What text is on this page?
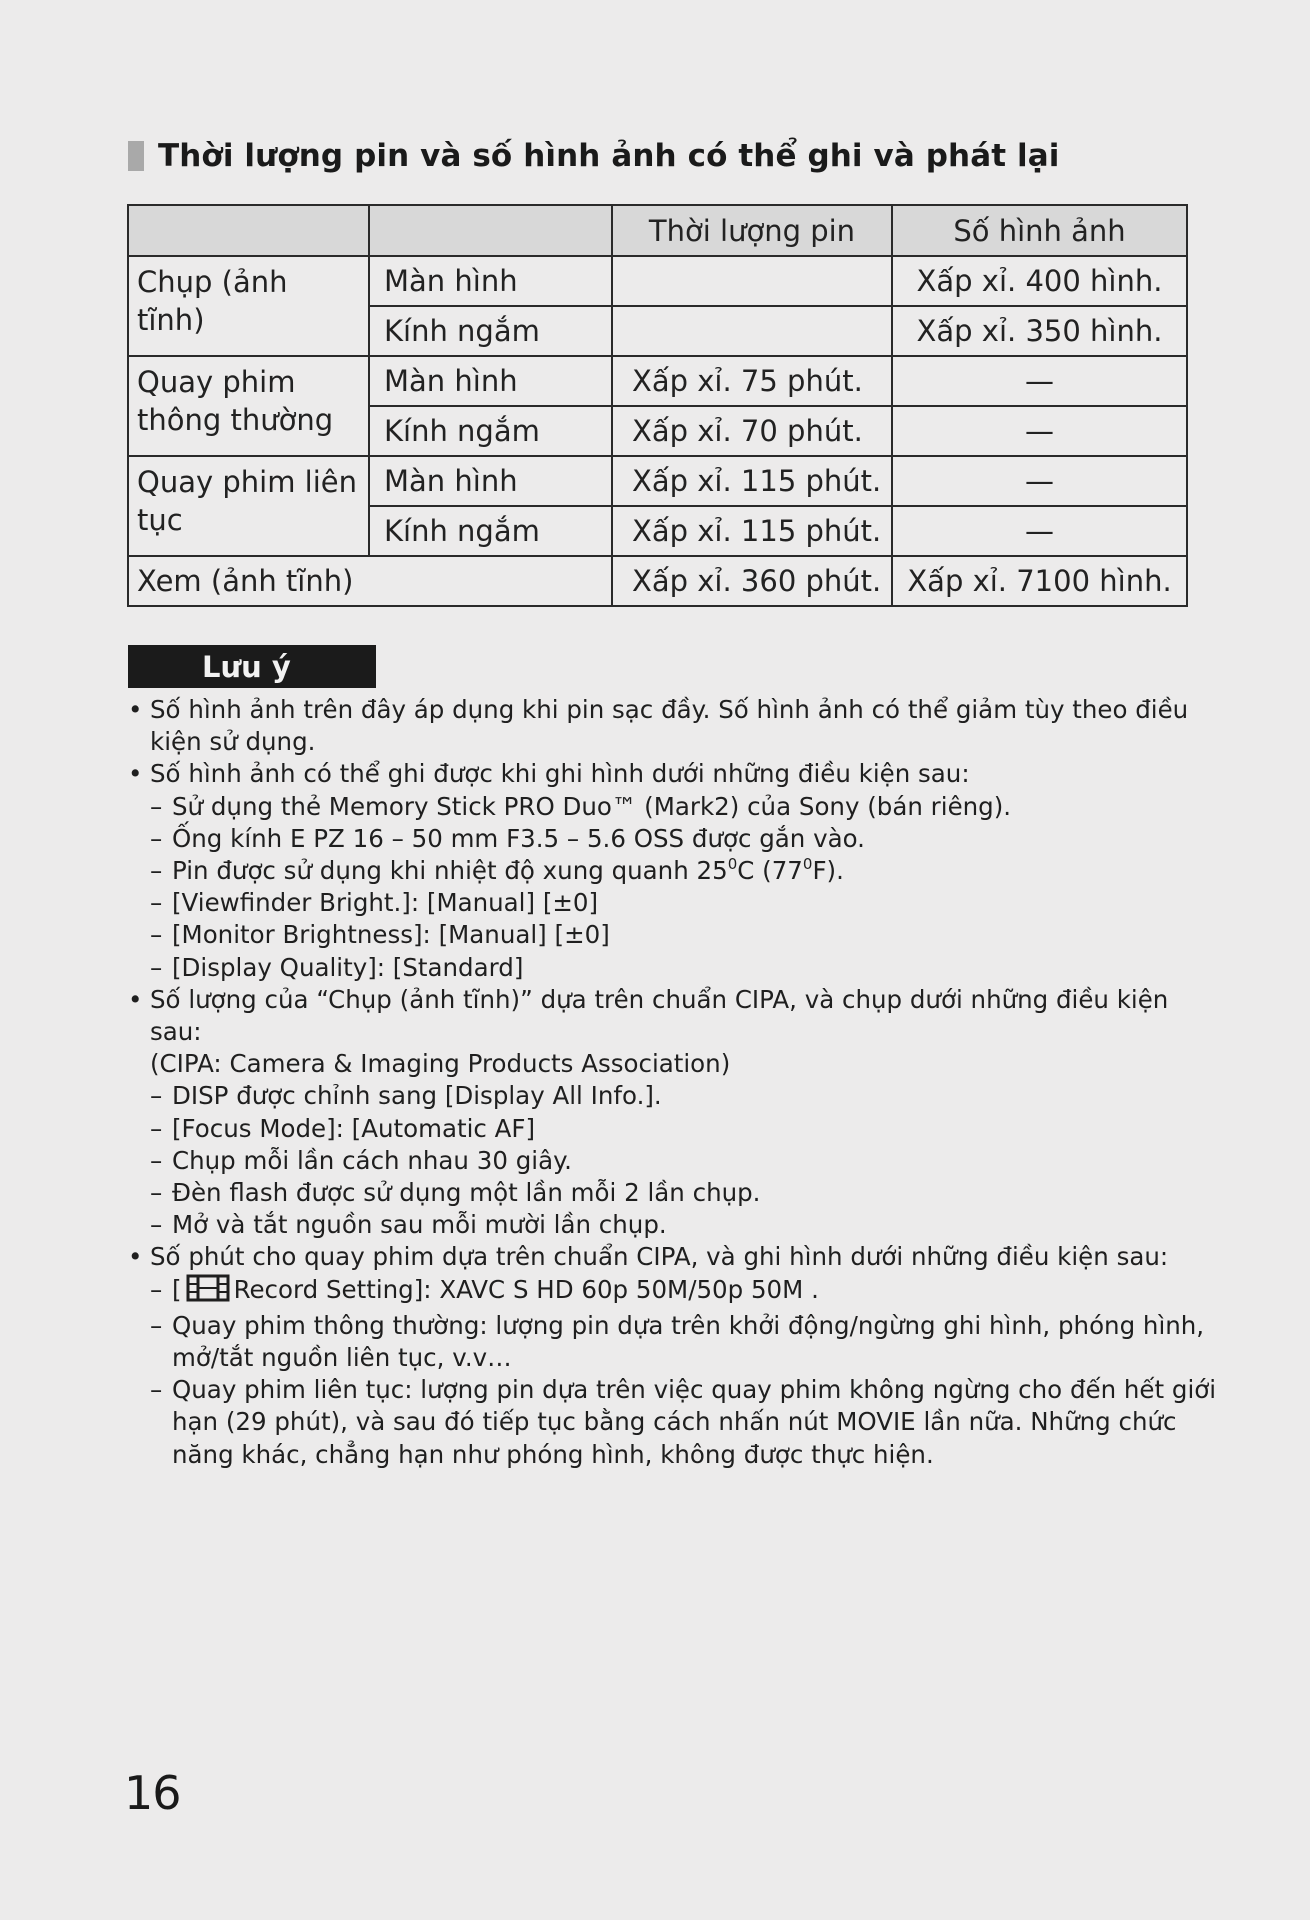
Thời lượng pin và số hình ảnh có thể ghi và phát lại
		Thời lượng pin	Số hình ảnh
Chụp (ảnh tĩnh)	Màn hình		Xấp xỉ. 400 hình.
	Kính ngắm		Xấp xỉ. 350 hình.
Quay phim thông thường	Màn hình	Xấp xỉ. 75 phút.	—
	Kính ngắm	Xấp xỉ. 70 phút.	—
Quay phim liên tục	Màn hình	Xấp xỉ. 115 phút.	—
	Kính ngắm	Xấp xỉ. 115 phút.	—
Xem (ảnh tĩnh)		Xấp xỉ. 360 phút.	Xấp xỉ. 7100 hình.
Lưu ý
• Số hình ảnh trên đây áp dụng khi pin sạc đầy. Số hình ảnh có thể giảm tùy theo điều kiện sử dụng.
• Số hình ảnh có thể ghi được khi ghi hình dưới những điều kiện sau:
– Sử dụng thẻ Memory Stick PRO Duo™ (Mark2) của Sony (bán riêng).
– Ống kính E PZ 16 – 50 mm F3.5 – 5.6 OSS được gắn vào.
– Pin được sử dụng khi nhiệt độ xung quanh $25^0C$ $(77^0F)$.
– [Viewfinder Bright.]: [Manual] [±0]
– [Monitor Brightness]: [Manual] [±0]
– [Display Quality]: [Standard]
• Số lượng của “Chụp (ảnh tĩnh)” dựa trên chuẩn CIPA, và chụp dưới những điều kiện sau:
(CIPA: Camera & Imaging Products Association)
– DISP được chỉnh sang [Display All Info.].
– [Focus Mode]: [Automatic AF]
– Chụp mỗi lần cách nhau 30 giây.
– Đèn flash được sử dụng một lần mỗi 2 lần chụp.
– Mở và tắt nguồn sau mỗi mười lần chụp.
• Số phút cho quay phim dựa trên chuẩn CIPA, và ghi hình dưới những điều kiện sau:
– [ Record Setting]: XAVC S HD 60p 50M/50p 50M .
– Quay phim thông thường: lượng pin dựa trên khởi động/ngừng ghi hình, phóng hình, mở/tắt nguồn liên tục, v.v…
– Quay phim liên tục: lượng pin dựa trên việc quay phim không ngừng cho đến hết giới hạn (29 phút), và sau đó tiếp tục bằng cách nhấn nút MOVIE lần nữa. Những chức năng khác, chẳng hạn như phóng hình, không được thực hiện.
16
